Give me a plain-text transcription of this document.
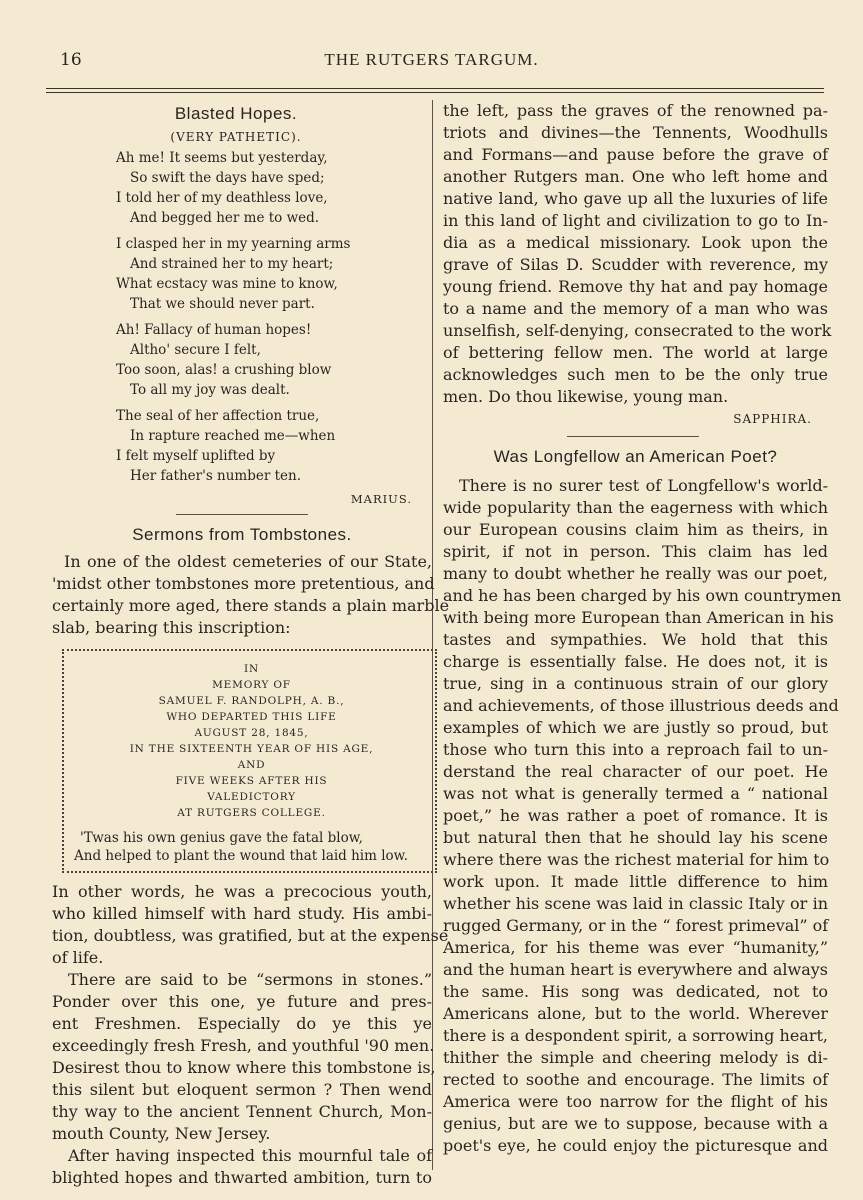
16	THE RUTGERS TARGUM.
Blasted Hopes.
(VERY PATHETIC).
Ah me! It seems but yesterday,
So swift the days have sped;
I told her of my deathless love,
And begged her me to wed.
I clasped her in my yearning arms
And strained her to my heart;
What ecstacy was mine to know,
That we should never part.
Ah! Fallacy of human hopes!
Altho' secure I felt,
Too soon, alas! a crushing blow
To all my joy was dealt.
The seal of her affection true,
In rapture reached me—when
I felt myself uplifted by
Her father's number ten.
MARIUS.
Sermons from Tombstones.
In one of the oldest cemeteries of our State,
'midst other tombstones more pretentious, and
certainly more aged, there stands a plain marble
slab, bearing this inscription:
IN
MEMORY OF
SAMUEL F. RANDOLPH, A. B.,
WHO DEPARTED THIS LIFE
AUGUST 28, 1845,
IN THE SIXTEENTH YEAR OF HIS AGE,
AND
FIVE WEEKS AFTER HIS
VALEDICTORY
AT RUTGERS COLLEGE.
'Twas his own genius gave the fatal blow,
And helped to plant the wound that laid him low.
In other words, he was a precocious youth,
who killed himself with hard study. His ambi-
tion, doubtless, was gratified, but at the expense
of life.
There are said to be “sermons in stones.”
Ponder over this one, ye future and pres-
ent Freshmen. Especially do ye this ye
exceedingly fresh Fresh, and youthful '90 men.
Desirest thou to know where this tombstone is,
this silent but eloquent sermon ? Then wend
thy way to the ancient Tennent Church, Mon-
mouth County, New Jersey.
After having inspected this mournful tale of
blighted hopes and thwarted ambition, turn to
the left, pass the graves of the renowned pa-
triots and divines—the Tennents, Woodhulls
and Formans—and pause before the grave of
another Rutgers man. One who left home and
native land, who gave up all the luxuries of life
in this land of light and civilization to go to In-
dia as a medical missionary. Look upon the
grave of Silas D. Scudder with reverence, my
young friend. Remove thy hat and pay homage
to a name and the memory of a man who was
unselfish, self-denying, consecrated to the work
of bettering fellow men. The world at large
acknowledges such men to be the only true
men. Do thou likewise, young man.
SAPPHIRA.
Was Longfellow an American Poet?
There is no surer test of Longfellow's world-
wide popularity than the eagerness with which
our European cousins claim him as theirs, in
spirit, if not in person. This claim has led
many to doubt whether he really was our poet,
and he has been charged by his own countrymen
with being more European than American in his
tastes and sympathies. We hold that this
charge is essentially false. He does not, it is
true, sing in a continuous strain of our glory
and achievements, of those illustrious deeds and
examples of which we are justly so proud, but
those who turn this into a reproach fail to un-
derstand the real character of our poet. He
was not what is generally termed a “ national
poet,” he was rather a poet of romance. It is
but natural then that he should lay his scene
where there was the richest material for him to
work upon. It made little difference to him
whether his scene was laid in classic Italy or in
rugged Germany, or in the “ forest primeval” of
America, for his theme was ever “humanity,”
and the human heart is everywhere and always
the same. His song was dedicated, not to
Americans alone, but to the world. Wherever
there is a despondent spirit, a sorrowing heart,
thither the simple and cheering melody is di-
rected to soothe and encourage. The limits of
America were too narrow for the flight of his
genius, but are we to suppose, because with a
poet's eye, he could enjoy the picturesque and
